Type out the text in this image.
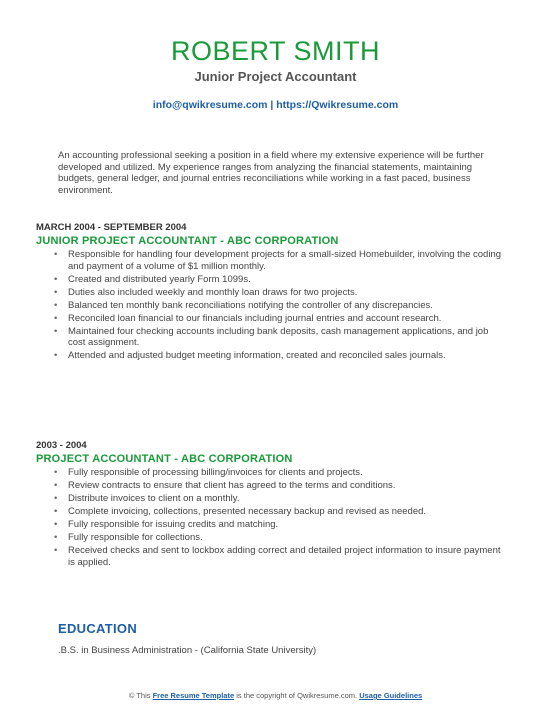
ROBERT SMITH
Junior Project Accountant
info@qwikresume.com | https://Qwikresume.com

An accounting professional seeking a position in a field where my extensive experience will be further developed and utilized. My experience ranges from analyzing the financial statements, maintaining budgets, general ledger, and journal entries reconciliations while working in a fast paced, business environment.

MARCH 2004 - SEPTEMBER 2004
JUNIOR PROJECT ACCOUNTANT - ABC CORPORATION
• Responsible for handling four development projects for a small-sized Homebuilder, involving the coding and payment of a volume of $1 million monthly.
• Created and distributed yearly Form 1099s.
• Duties also included weekly and monthly loan draws for two projects.
• Balanced ten monthly bank reconciliations notifying the controller of any discrepancies.
• Reconciled loan financial to our financials including journal entries and account research.
• Maintained four checking accounts including bank deposits, cash management applications, and job cost assignment.
• Attended and adjusted budget meeting information, created and reconciled sales journals.
2003 - 2004
PROJECT ACCOUNTANT - ABC CORPORATION
• Fully responsible of processing billing/invoices for clients and projects.
• Review contracts to ensure that client has agreed to the terms and conditions.
• Distribute invoices to client on a monthly.
• Complete invoicing, collections, presented necessary backup and revised as needed.
• Fully responsible for issuing credits and matching.
• Fully responsible for collections.
• Received checks and sent to lockbox adding correct and detailed project information to insure payment is applied.
EDUCATION
.B.S. in Business Administration - (California State University)
© This Free Resume Template is the copyright of Qwikresume.com. Usage Guidelines
